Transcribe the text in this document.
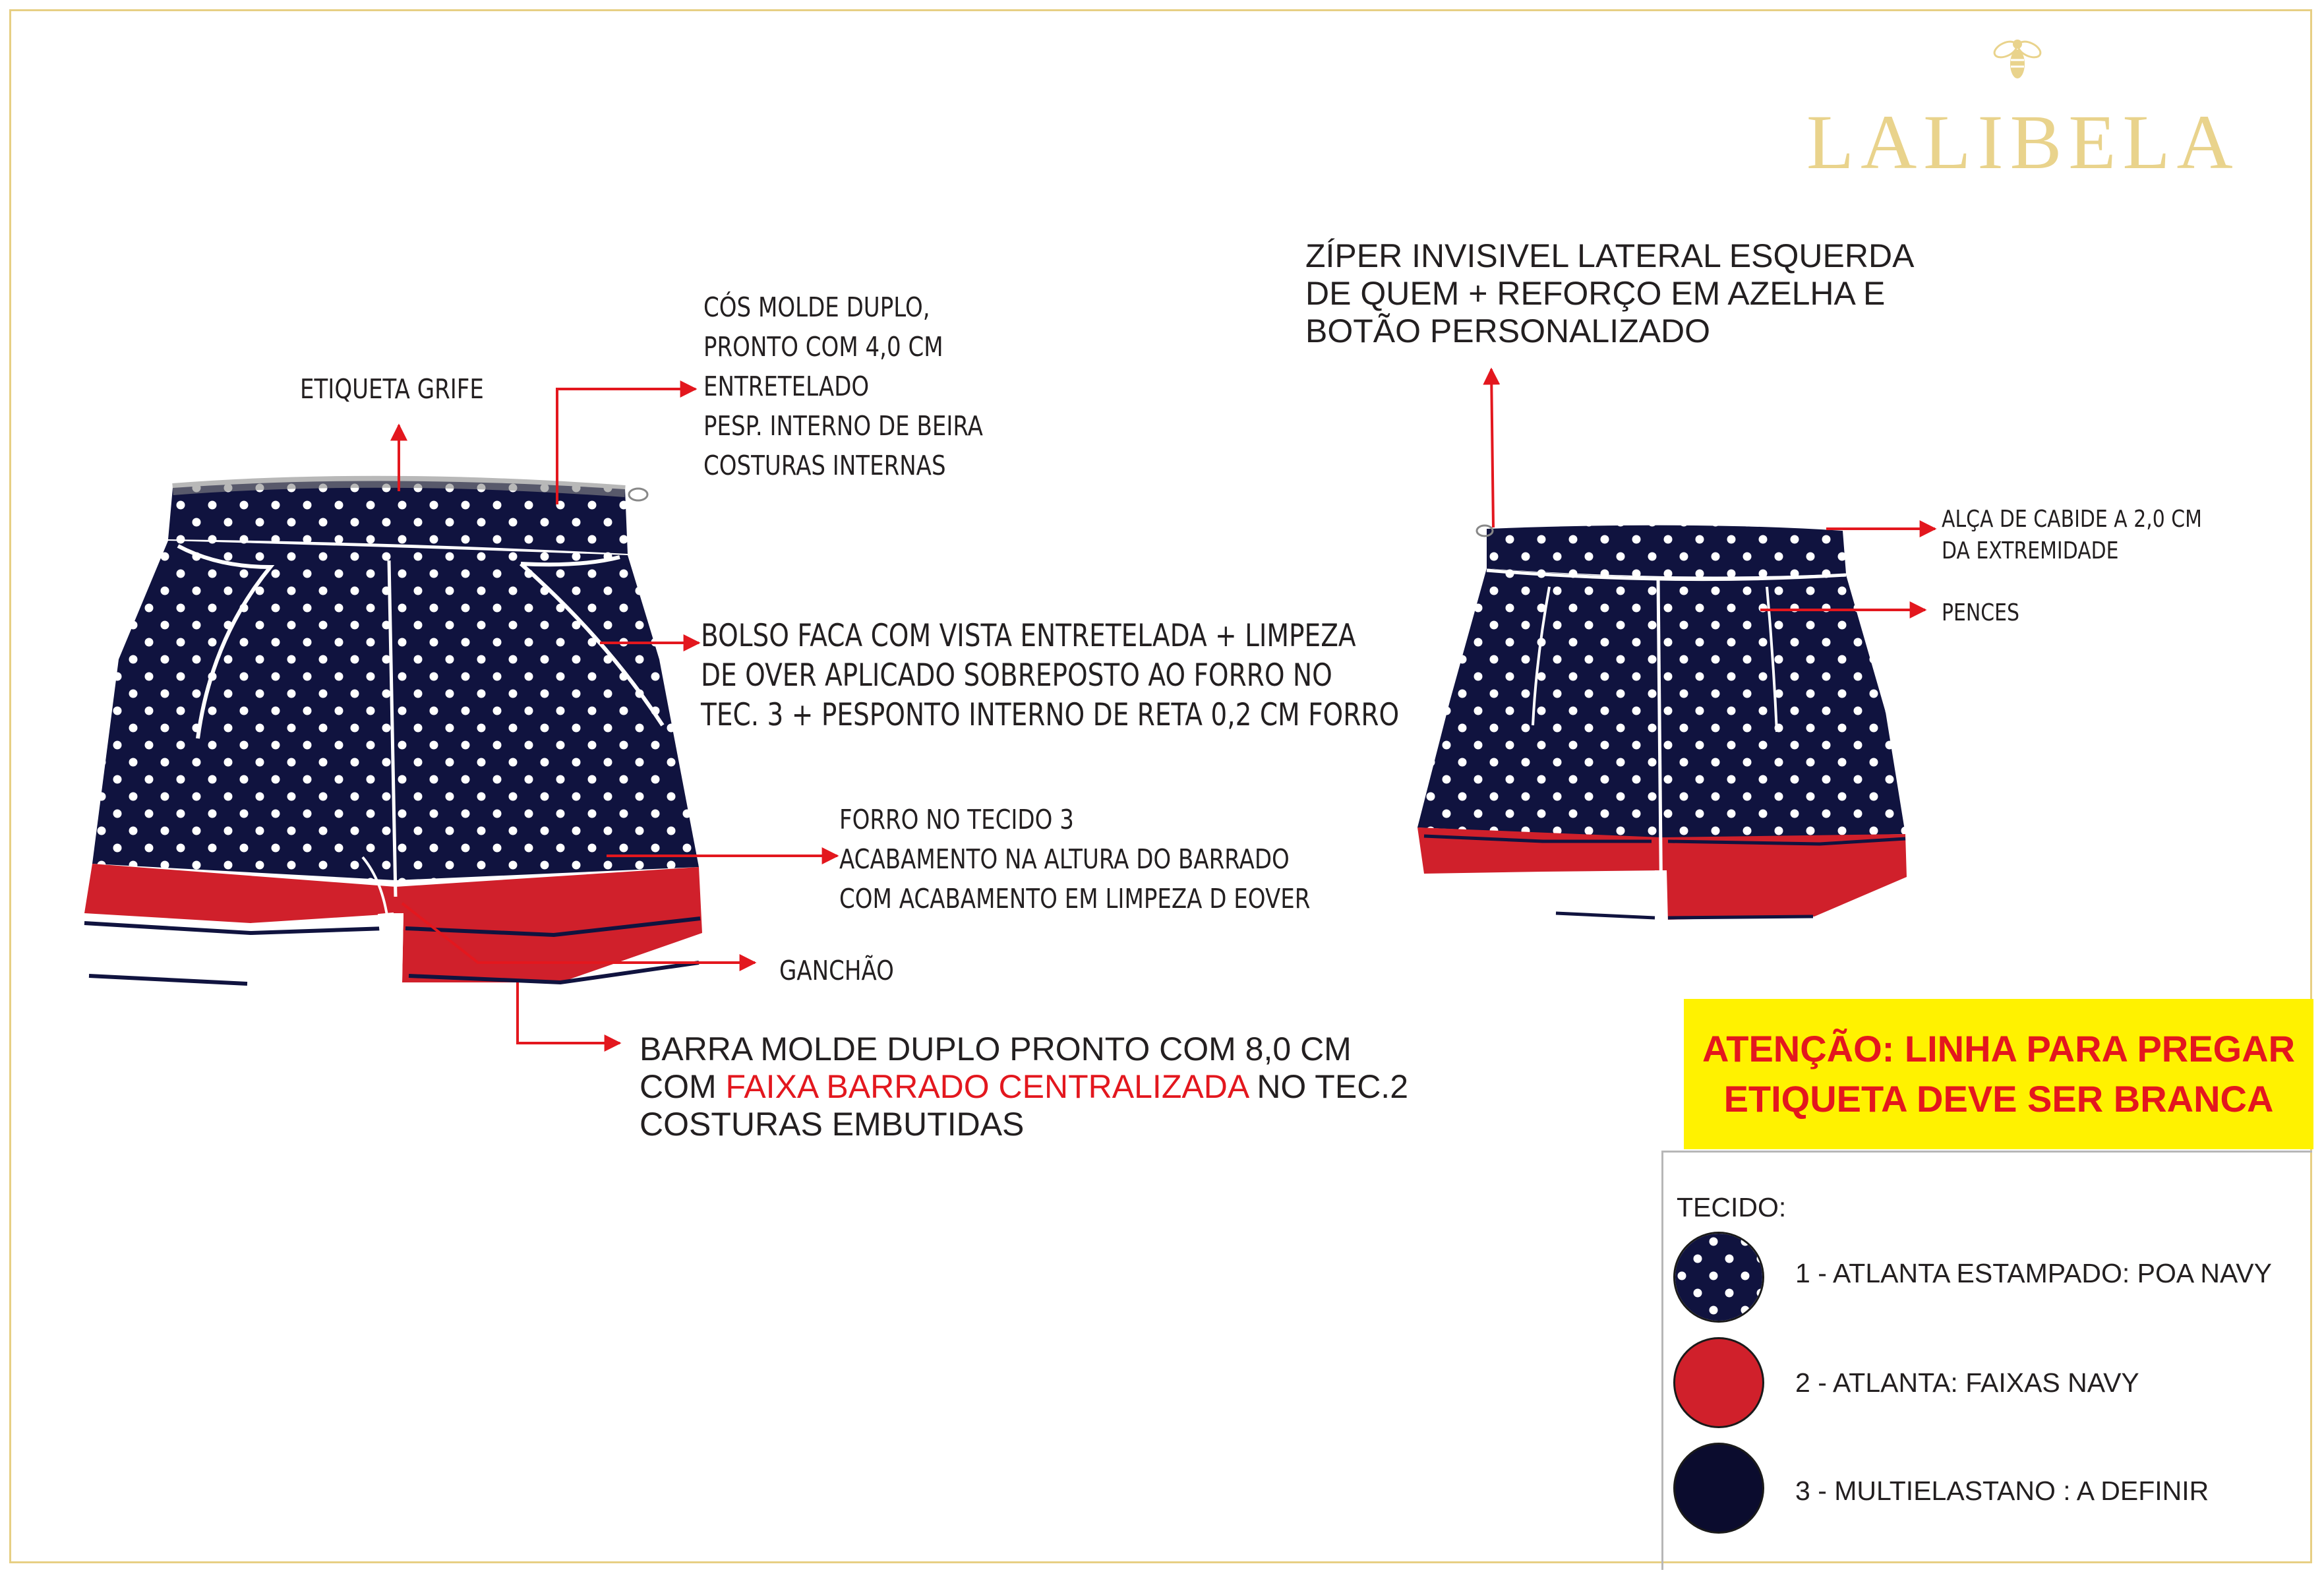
LALIBELA
ETIQUETA GRIFE
CÓS MOLDE DUPLO,
PRONTO COM 4,0 CM
ENTRETELADO
PESP. INTERNO DE BEIRA
COSTURAS INTERNAS
BOLSO FACA COM VISTA ENTRETELADA + LIMPEZA
DE OVER APLICADO SOBREPOSTO AO FORRO NO
TEC. 3 + PESPONTO INTERNO DE RETA 0,2 CM FORRO
FORRO NO TECIDO 3
ACABAMENTO NA ALTURA DO BARRADO
COM ACABAMENTO EM LIMPEZA D EOVER
GANCHÃO
BARRA MOLDE DUPLO PRONTO COM 8,0 CM
COM FAIXA BARRADO CENTRALIZADA NO TEC.2
COSTURAS EMBUTIDAS
ZÍPER INVISIVEL LATERAL ESQUERDA
DE QUEM + REFORÇO EM AZELHA E
BOTÃO PERSONALIZADO
ALÇA DE CABIDE A 2,0 CM
DA EXTREMIDADE
PENCES
ATENÇÃO: LINHA PARA PREGAR
ETIQUETA DEVE SER BRANCA
TECIDO:
1 - ATLANTA ESTAMPADO: POA NAVY
2 - ATLANTA: FAIXAS NAVY
3 - MULTIELASTANO : A DEFINIR
